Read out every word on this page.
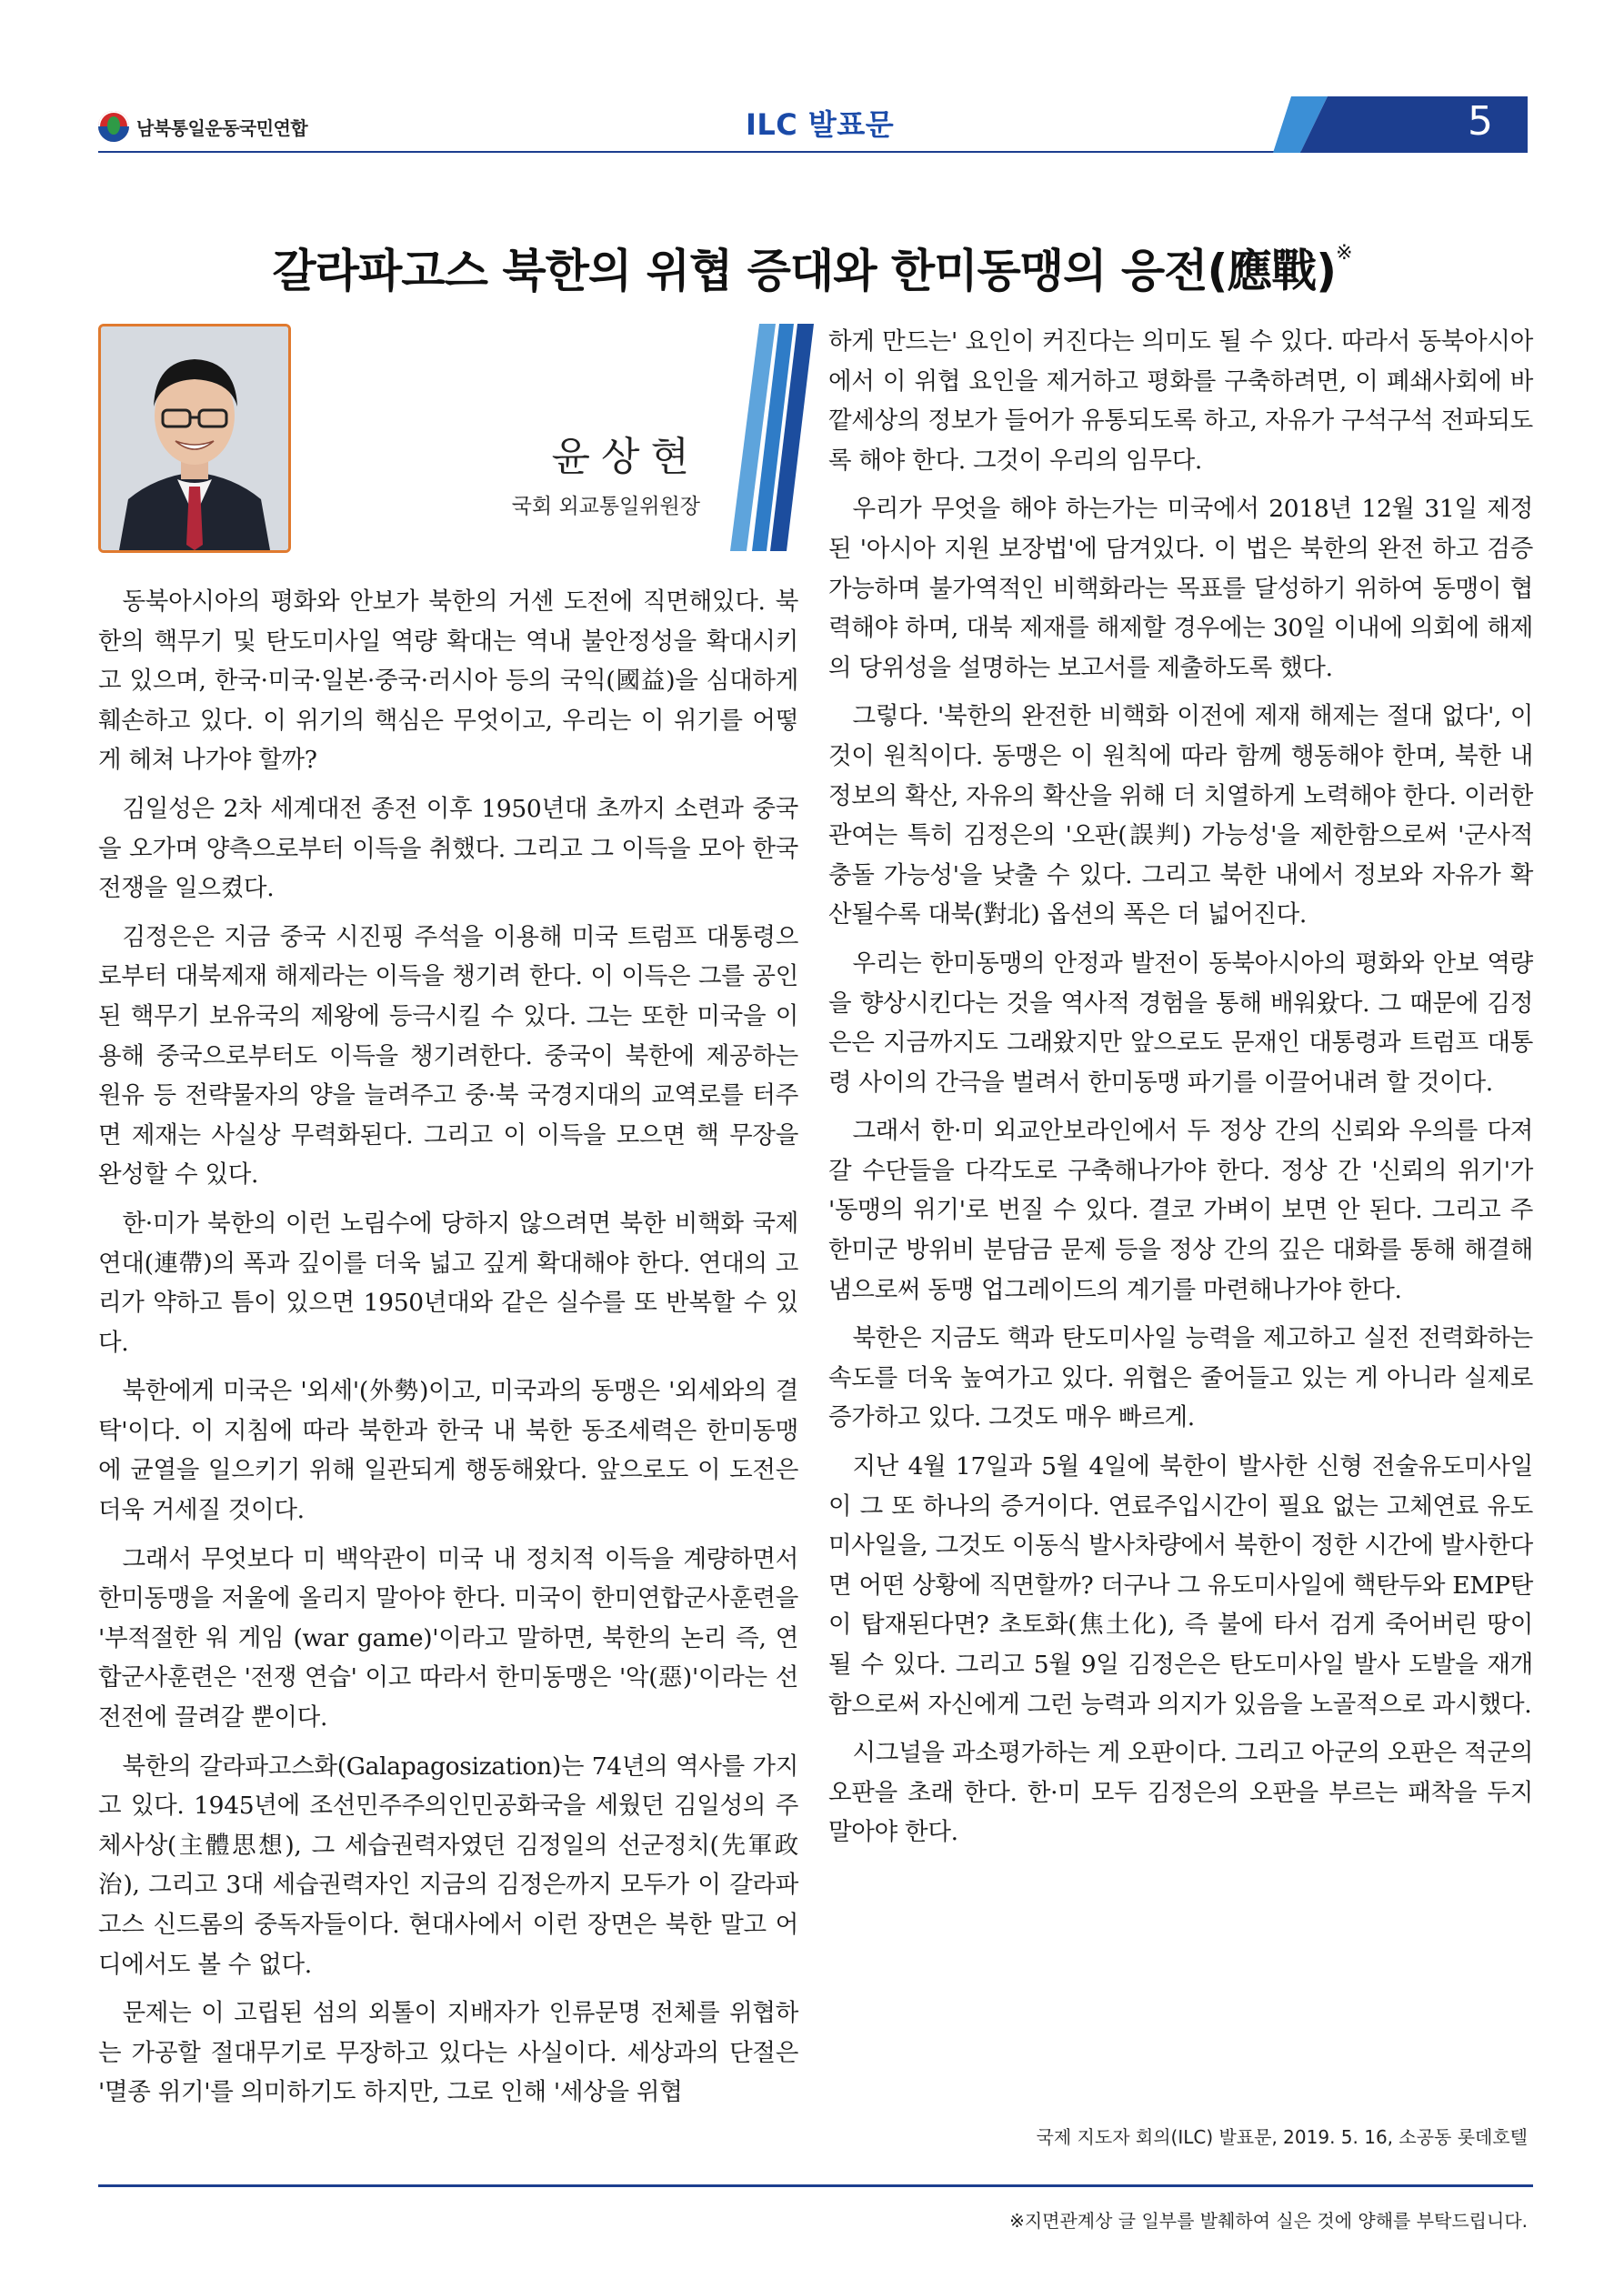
남북통일운동국민연합	ILC 발표문	5
갈라파고스 북한의 위협 증대와 한미동맹의 응전(應戰)※
윤상현
국회 외교통일위원장

동북아시아의 평화와 안보가 북한의 거센 도전에 직면해있다. 북한의 핵무기 및 탄도미사일 역량 확대는 역내 불안정성을 확대시키고 있으며, 한국·미국·일본·중국·러시아 등의 국익(國益)을 심대하게 훼손하고 있다. 이 위기의 핵심은 무엇이고, 우리는 이 위기를 어떻게 헤쳐 나가야 할까?

김일성은 2차 세계대전 종전 이후 1950년대 초까지 소련과 중국을 오가며 양측으로부터 이득을 취했다. 그리고 그 이득을 모아 한국전쟁을 일으켰다.

김정은은 지금 중국 시진핑 주석을 이용해 미국 트럼프 대통령으로부터 대북제재 해제라는 이득을 챙기려 한다. 이 이득은 그를 공인된 핵무기 보유국의 제왕에 등극시킬 수 있다. 그는 또한 미국을 이용해 중국으로부터도 이득을 챙기려한다. 중국이 북한에 제공하는 원유 등 전략물자의 양을 늘려주고 중·북 국경지대의 교역로를 터주면 제재는 사실상 무력화된다. 그리고 이 이득을 모으면 핵 무장을 완성할 수 있다.

한·미가 북한의 이런 노림수에 당하지 않으려면 북한 비핵화 국제연대(連帶)의 폭과 깊이를 더욱 넓고 깊게 확대해야 한다. 연대의 고리가 약하고 틈이 있으면 1950년대와 같은 실수를 또 반복할 수 있다.

북한에게 미국은 '외세'(外勢)이고, 미국과의 동맹은 '외세와의 결탁'이다. 이 지침에 따라 북한과 한국 내 북한 동조세력은 한미동맹에 균열을 일으키기 위해 일관되게 행동해왔다. 앞으로도 이 도전은 더욱 거세질 것이다.

그래서 무엇보다 미 백악관이 미국 내 정치적 이득을 계량하면서 한미동맹을 저울에 올리지 말아야 한다. 미국이 한미연합군사훈련을 '부적절한 워 게임 (war game)'이라고 말하면, 북한의 논리 즉, 연합군사훈련은 '전쟁 연습' 이고 따라서 한미동맹은 '악(惡)'이라는 선전전에 끌려갈 뿐이다.

북한의 갈라파고스화(Galapagosization)는 74년의 역사를 가지고 있다. 1945년에 조선민주주의인민공화국을 세웠던 김일성의 주체사상(主體思想), 그 세습권력자였던 김정일의 선군정치(先軍政治), 그리고 3대 세습권력자인 지금의 김정은까지 모두가 이 갈라파고스 신드롬의 중독자들이다. 현대사에서 이런 장면은 북한 말고 어디에서도 볼 수 없다.

문제는 이 고립된 섬의 외톨이 지배자가 인류문명 전체를 위협하는 가공할 절대무기로 무장하고 있다는 사실이다. 세상과의 단절은 '멸종 위기'를 의미하기도 하지만, 그로 인해 '세상을 위협

하게 만드는' 요인이 커진다는 의미도 될 수 있다. 따라서 동북아시아에서 이 위협 요인을 제거하고 평화를 구축하려면, 이 폐쇄사회에 바깥세상의 정보가 들어가 유통되도록 하고, 자유가 구석구석 전파되도록 해야 한다. 그것이 우리의 임무다.

우리가 무엇을 해야 하는가는 미국에서 2018년 12월 31일 제정된 '아시아 지원 보장법'에 담겨있다. 이 법은 북한의 완전 하고 검증가능하며 불가역적인 비핵화라는 목표를 달성하기 위하여 동맹이 협력해야 하며, 대북 제재를 해제할 경우에는 30일 이내에 의회에 해제의 당위성을 설명하는 보고서를 제출하도록 했다.

그렇다. '북한의 완전한 비핵화 이전에 제재 해제는 절대 없다', 이것이 원칙이다. 동맹은 이 원칙에 따라 함께 행동해야 한며, 북한 내 정보의 확산, 자유의 확산을 위해 더 치열하게 노력해야 한다. 이러한 관여는 특히 김정은의 '오판(誤判) 가능성'을 제한함으로써 '군사적 충돌 가능성'을 낮출 수 있다. 그리고 북한 내에서 정보와 자유가 확산될수록 대북(對北) 옵션의 폭은 더 넓어진다.

우리는 한미동맹의 안정과 발전이 동북아시아의 평화와 안보 역량을 향상시킨다는 것을 역사적 경험을 통해 배워왔다. 그 때문에 김정은은 지금까지도 그래왔지만 앞으로도 문재인 대통령과 트럼프 대통령 사이의 간극을 벌려서 한미동맹 파기를 이끌어내려 할 것이다.

그래서 한·미 외교안보라인에서 두 정상 간의 신뢰와 우의를 다져갈 수단들을 다각도로 구축해나가야 한다. 정상 간 '신뢰의 위기'가 '동맹의 위기'로 번질 수 있다. 결코 가벼이 보면 안 된다. 그리고 주한미군 방위비 분담금 문제 등을 정상 간의 깊은 대화를 통해 해결해냄으로써 동맹 업그레이드의 계기를 마련해나가야 한다.

북한은 지금도 핵과 탄도미사일 능력을 제고하고 실전 전력화하는 속도를 더욱 높여가고 있다. 위협은 줄어들고 있는 게 아니라 실제로 증가하고 있다. 그것도 매우 빠르게.

지난 4월 17일과 5월 4일에 북한이 발사한 신형 전술유도미사일이 그 또 하나의 증거이다. 연료주입시간이 필요 없는 고체연료 유도미사일을, 그것도 이동식 발사차량에서 북한이 정한 시간에 발사한다면 어떤 상황에 직면할까? 더구나 그 유도미사일에 핵탄두와 EMP탄이 탑재된다면? 초토화(焦土化), 즉 불에 타서 검게 죽어버린 땅이 될 수 있다. 그리고 5월 9일 김정은은 탄도미사일 발사 도발을 재개함으로써 자신에게 그런 능력과 의지가 있음을 노골적으로 과시했다.

시그널을 과소평가하는 게 오판이다. 그리고 아군의 오판은 적군의 오판을 초래 한다. 한·미 모두 김정은의 오판을 부르는 패착을 두지 말아야 한다.

국제 지도자 회의(ILC) 발표문, 2019. 5. 16, 소공동 롯데호텔
※지면관계상 글 일부를 발췌하여 실은 것에 양해를 부탁드립니다.
